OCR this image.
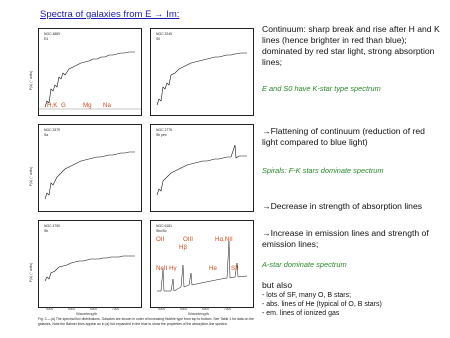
Spectra of galaxies from E → Im:
NGC 4889
E4
H,K G	Mg Na
NGC 3245
S0
NGC 3379
Sa
NGC 2775
Sb pec
NGC 4750
Sb
NGC 6181
Sbc/Sc
OII	OIII	Hα,NII
Hβ
NeII Hγ	He SII
F(λ) (° units)
F(λ) (° units)
F(λ) (° units)
4000	5000	6000	7000
Wavelength
4000	5000	6000	7000
Wavelength
Fig. 2.—(a) The spectral flux distributions. Galaxies are shown in order of increasing Hubble type from top to bottom. See Table 1 for data on the galaxies. Note the Balmer lines appear as in (a) but expanded in the blue to show the properties of the absorption-line spectra.
Continuum: sharp break and rise after H and K lines (hence brighter in red than blue); dominated by red star light, strong absorption lines;
E and S0 have K-star type spectrum
→Flattening of continuum (reduction of red light compared to blue light)
Spirals: F-K stars dominate spectrum
→Decrease in strength of absorption lines
→Increase in emission lines and strength of emission lines;
A-star dominate spectrum
but also
- lots of SF, many O, B stars;
- abs. lines of He (typical of O, B stars)
- em. lines of ionized gas
